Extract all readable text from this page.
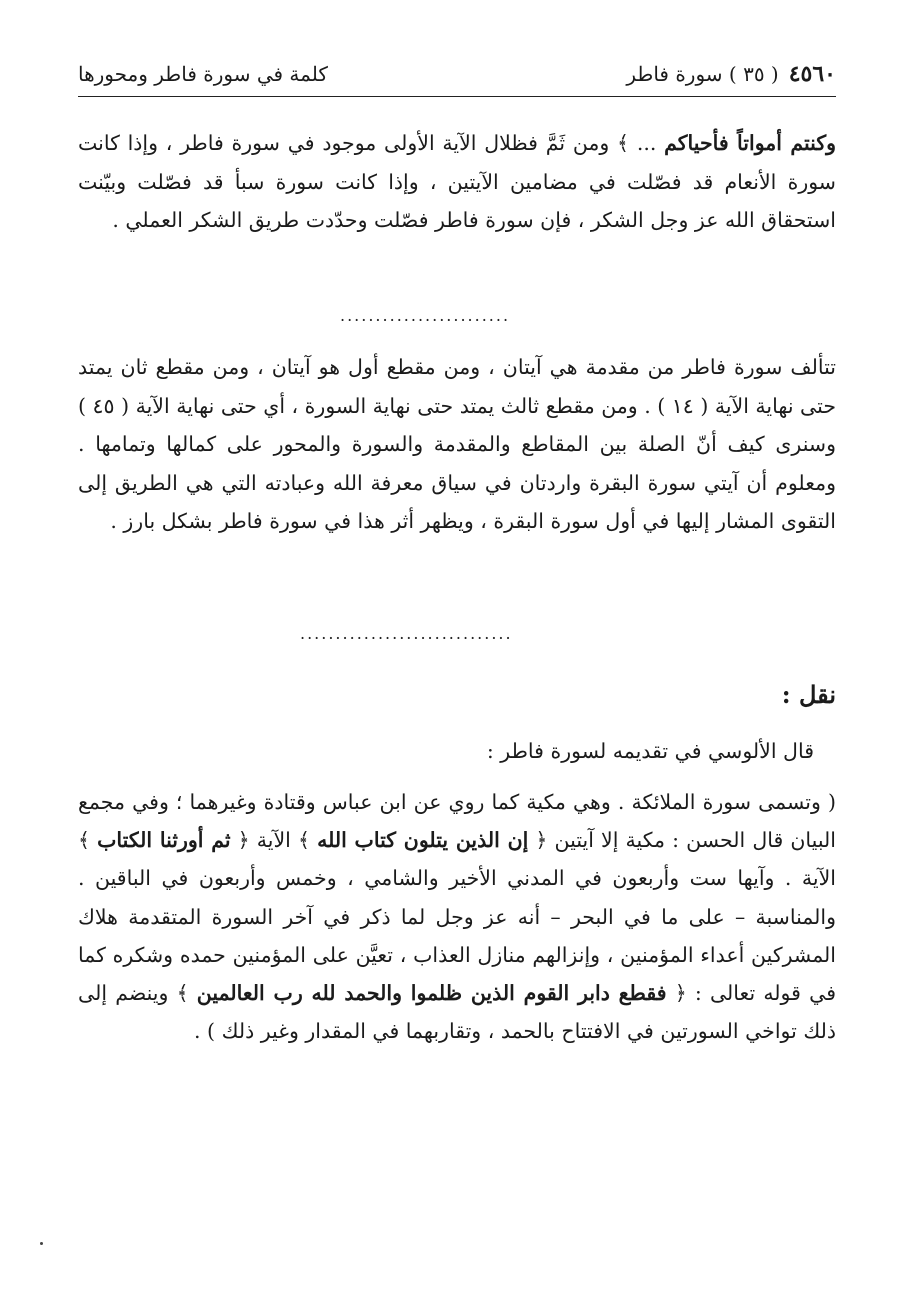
٤٥٦٠
( ٣٥ ) سورة فاطر
كلمة في سورة فاطر ومحورها

وكنتم أمواتاً فأحياكم ... ﴾ ومن ثَمَّ فظلال الآية الأولى موجود في سورة فاطر ، وإذا كانت سورة الأنعام قد فصّلت في مضامين الآيتين ، وإذا كانت سورة سبأ قد فصّلت وبيّنت استحقاق الله عز وجل الشكر ، فإن سورة فاطر فصّلت وحدّدت طريق الشكر العملي .

........................

تتألف سورة فاطر من مقدمة هي آيتان ، ومن مقطع أول هو آيتان ، ومن مقطع ثان يمتد حتى نهاية الآية ( ١٤ ) . ومن مقطع ثالث يمتد حتى نهاية السورة ، أي حتى نهاية الآية ( ٤٥ ) وسنرى كيف أنّ الصلة بين المقاطع والمقدمة والسورة والمحور على كمالها وتمامها . ومعلوم أن آيتي سورة البقرة واردتان في سياق معرفة الله وعبادته التي هي الطريق إلى التقوى المشار إليها في أول سورة البقرة ، ويظهر أثر هذا في سورة فاطر بشكل بارز .

..............................
نقل :

قال الألوسي في تقديمه لسورة فاطر :

( وتسمى سورة الملائكة . وهي مكية كما روي عن ابن عباس وقتادة وغيرهما ؛ وفي مجمع البيان قال الحسن : مكية إلا آيتين ﴿ إن الذين يتلون كتاب الله ﴾ الآية ﴿ ثم أورثنا الكتاب ﴾ الآية . وآيها ست وأربعون في المدني الأخير والشامي ، وخمس وأربعون في الباقين . والمناسبة – على ما في البحر – أنه عز وجل لما ذكر في آخر السورة المتقدمة هلاك المشركين أعداء المؤمنين ، وإنزالهم منازل العذاب ، تعيَّن على المؤمنين حمده وشكره كما في قوله تعالى : ﴿ فقطع دابر القوم الذين ظلموا والحمد لله رب العالمين ﴾ وينضم إلى ذلك تواخي السورتين في الافتتاح بالحمد ، وتقاربهما في المقدار وغير ذلك ) .
